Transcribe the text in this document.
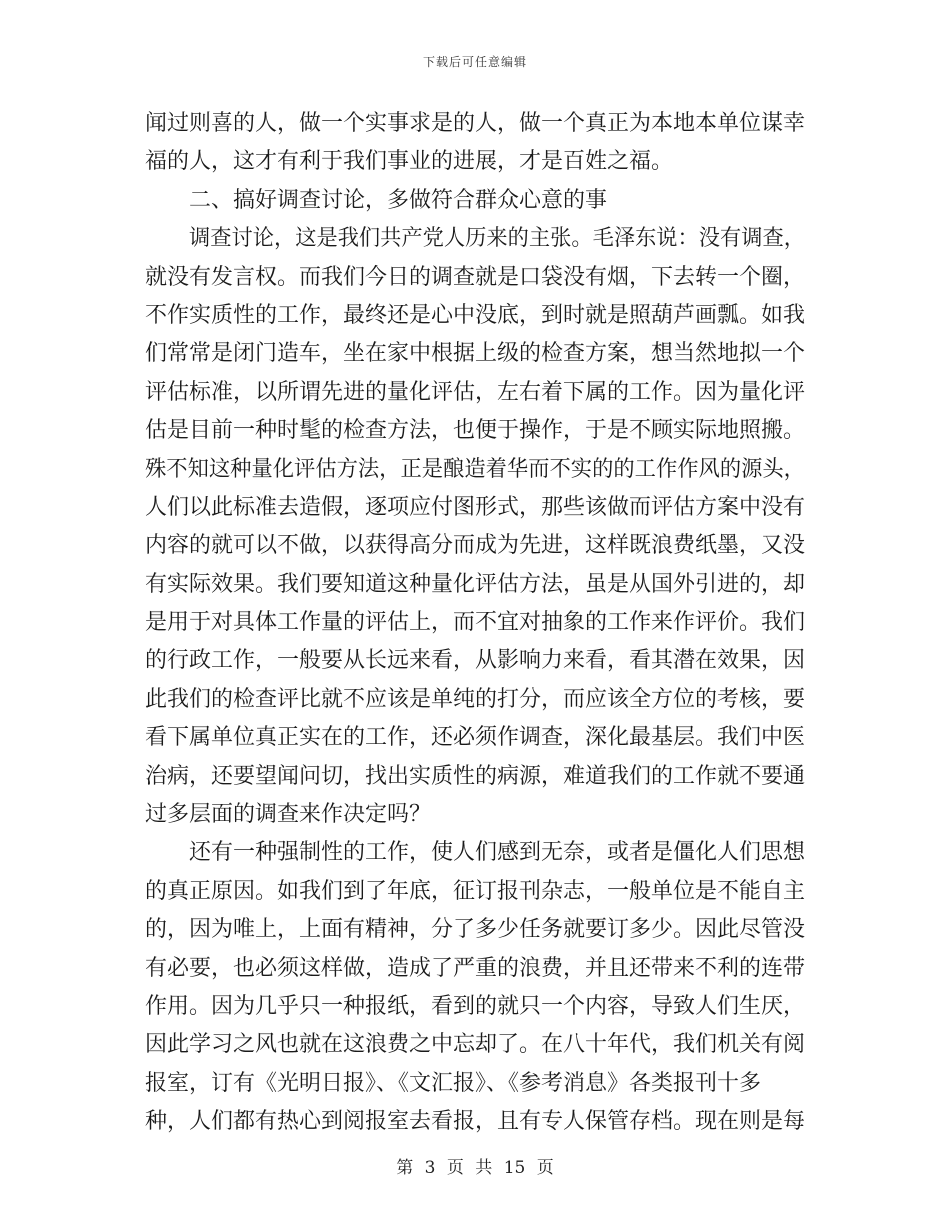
下载后可任意编辑
闻过则喜的人，做一个实事求是的人，做一个真正为本地本单位谋幸
福的人，这才有利于我们事业的进展，才是百姓之福。
二、搞好调查讨论，多做符合群众心意的事
调查讨论，这是我们共产党人历来的主张。毛泽东说：没有调查，
就没有发言权。而我们今日的调查就是口袋没有烟，下去转一个圈，
不作实质性的工作，最终还是心中没底，到时就是照葫芦画瓢。如我
们常常是闭门造车，坐在家中根据上级的检查方案，想当然地拟一个
评估标准，以所谓先进的量化评估，左右着下属的工作。因为量化评
估是目前一种时髦的检查方法，也便于操作，于是不顾实际地照搬。
殊不知这种量化评估方法，正是酿造着华而不实的的工作作风的源头，
人们以此标准去造假，逐项应付图形式，那些该做而评估方案中没有
内容的就可以不做，以获得高分而成为先进，这样既浪费纸墨，又没
有实际效果。我们要知道这种量化评估方法，虽是从国外引进的，却
是用于对具体工作量的评估上，而不宜对抽象的工作来作评价。我们
的行政工作，一般要从长远来看，从影响力来看，看其潜在效果，因
此我们的检查评比就不应该是单纯的打分，而应该全方位的考核，要
看下属单位真正实在的工作，还必须作调查，深化最基层。我们中医
治病，还要望闻问切，找出实质性的病源，难道我们的工作就不要通
过多层面的调查来作决定吗？
还有一种强制性的工作，使人们感到无奈，或者是僵化人们思想
的真正原因。如我们到了年底，征订报刊杂志，一般单位是不能自主
的，因为唯上，上面有精神，分了多少任务就要订多少。因此尽管没
有必要，也必须这样做，造成了严重的浪费，并且还带来不利的连带
作用。因为几乎只一种报纸，看到的就只一个内容，导致人们生厌，
因此学习之风也就在这浪费之中忘却了。在八十年代，我们机关有阅
报室，订有《光明日报》、《文汇报》、《参考消息》各类报刊十多
种，人们都有热心到阅报室去看报，且有专人保管存档。现在则是每
第 3 页 共 15 页
